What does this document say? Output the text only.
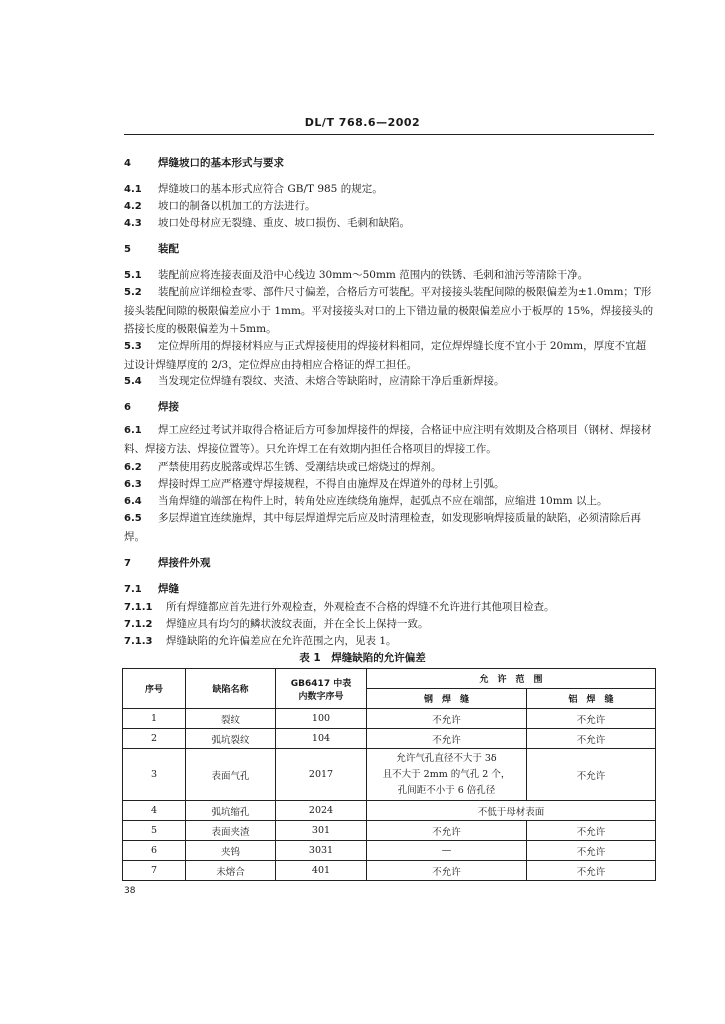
DL/T 768.6—2002
4	焊缝坡口的基本形式与要求
4.1 焊缝坡口的基本形式应符合 GB/T 985 的规定。
4.2 坡口的制备以机加工的方法进行。
4.3 坡口处母材应无裂缝、重皮、坡口损伤、毛刺和缺陷。
5	装配
5.1 装配前应将连接表面及沿中心线边 30mm～50mm 范围内的铁锈、毛刺和油污等清除干净。
5.2 装配前应详细检查零、部件尺寸偏差，合格后方可装配。平对接接头装配间隙的极限偏差为±1.0mm；T形接头装配间隙的极限偏差应小于 1mm。平对接接头对口的上下错边量的极限偏差应小于板厚的 15%，焊接接头的搭接长度的极限偏差为＋5mm。
5.3 定位焊所用的焊接材料应与正式焊接使用的焊接材料相同，定位焊焊缝长度不宜小于 20mm，厚度不宜超过设计焊缝厚度的 2/3，定位焊应由持相应合格证的焊工担任。
5.4 当发现定位焊缝有裂纹、夹渣、未熔合等缺陷时，应清除干净后重新焊接。
6	焊接
6.1 焊工应经过考试并取得合格证后方可参加焊接件的焊接，合格证中应注明有效期及合格项目（钢材、焊接材料、焊接方法、焊接位置等）。只允许焊工在有效期内担任合格项目的焊接工作。
6.2 严禁使用药皮脱落或焊芯生锈、受潮结块或已熔烧过的焊剂。
6.3 焊接时焊工应严格遵守焊接规程，不得自由施焊及在焊道外的母材上引弧。
6.4 当角焊缝的端部在构件上时，转角处应连续绕角施焊，起弧点不应在端部，应缩进 10mm 以上。
6.5 多层焊道宜连续施焊，其中每层焊道焊完后应及时清理检查，如发现影响焊接质量的缺陷，必须清除后再焊。
7	焊接件外观
7.1 焊缝
7.1.1 所有焊缝都应首先进行外观检查，外观检查不合格的焊缝不允许进行其他项目检查。
7.1.2 焊缝应具有均匀的鳞状波纹表面，并在全长上保持一致。
7.1.3 焊缝缺陷的允许偏差应在允许范围之内，见表 1。
表 1　焊缝缺陷的允许偏差
序号	缺陷名称	GB6417 中表
内数字序号	允　许　范　围	
			钢　焊　缝	铝　焊　缝
1	裂纹	100	不允许	不允许
2	弧坑裂纹	104	不允许	不允许
3	表面气孔	2017	允许气孔直径不大于 3δ
且不大于 2mm 的气孔 2 个，
孔间距不小于 6 倍孔径	不允许
4	弧坑缩孔	2024	不低于母材表面	
5	表面夹渣	301	不允许	不允许
6	夹钨	3031	—	不允许
7	未熔合	401	不允许	不允许
38
